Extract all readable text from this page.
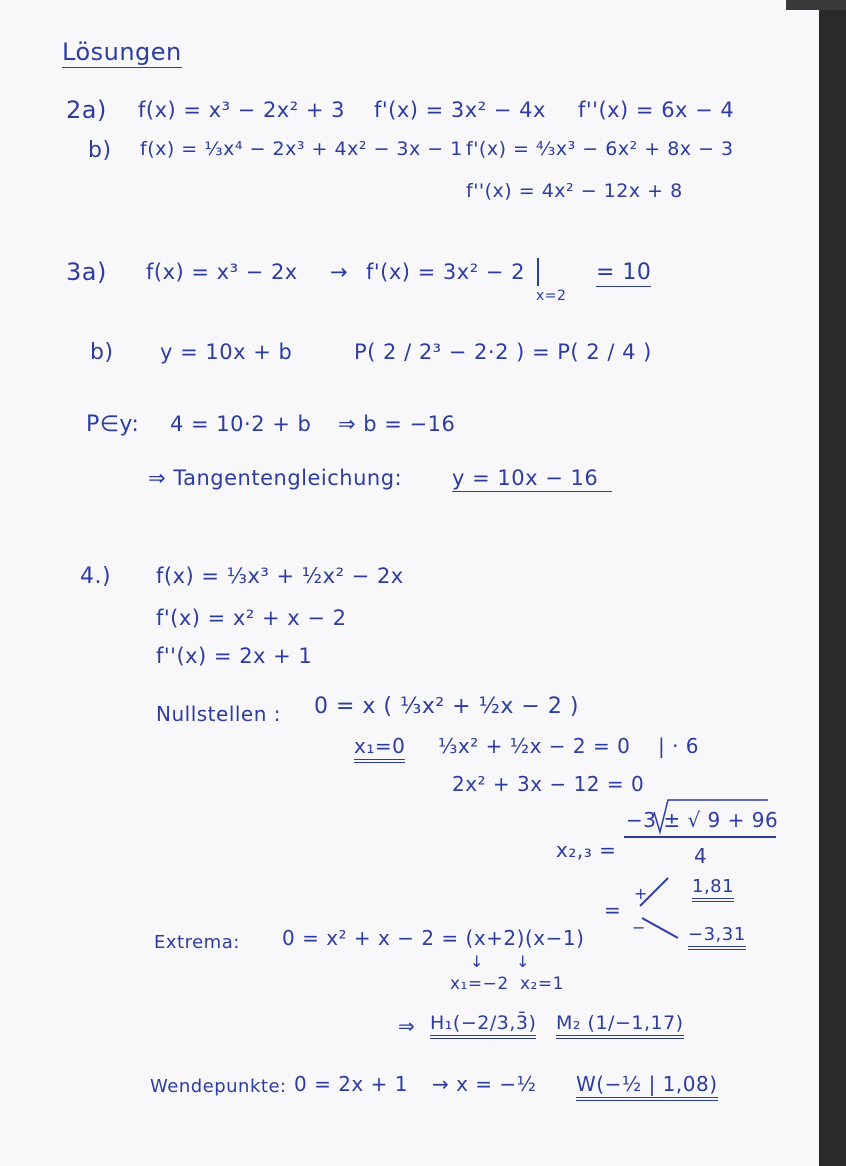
Lösungen
2a) f(x) = x³ − 2x² + 3 f'(x) = 3x² − 4x f''(x) = 6x − 4
b) f(x) = ⅓x⁴ − 2x³ + 4x² − 3x − 1 f'(x) = ⁴⁄₃x³ − 6x² + 8x − 3
f''(x) = 4x² − 12x + 8
3a) f(x) = x³ − 2x → f'(x) = 3x² − 2
x=2
= 10
b) y = 10x + b	P( 2 / 2³ − 2·2 ) = P( 2 / 4 )
P∈y: 4 = 10·2 + b ⇒ b = −16
⇒ Tangentengleichung: y = 10x − 16
4.) f(x) = ⅓x³ + ½x² − 2x
f'(x) = x² + x − 2
f''(x) = 2x + 1
Nullstellen : 0 = x ( ⅓x² + ½x − 2 )
x₁=0 ⅓x² + ½x − 2 = 0 | · 6
2x² + 3x − 12 = 0
x₂,₃ =
−3 ± √ 9 + 96
4
+
=
−
1,81
−3,31
Extrema: 0 = x² + x − 2 = (x+2)(x−1)
↓ ↓
x₁=−2 x₂=1
⇒ H₁(−2/3,3̄) M₂ (1/−1,17)
Wendepunkte: 0 = 2x + 1 → x = −½ W(−½ | 1,08)
